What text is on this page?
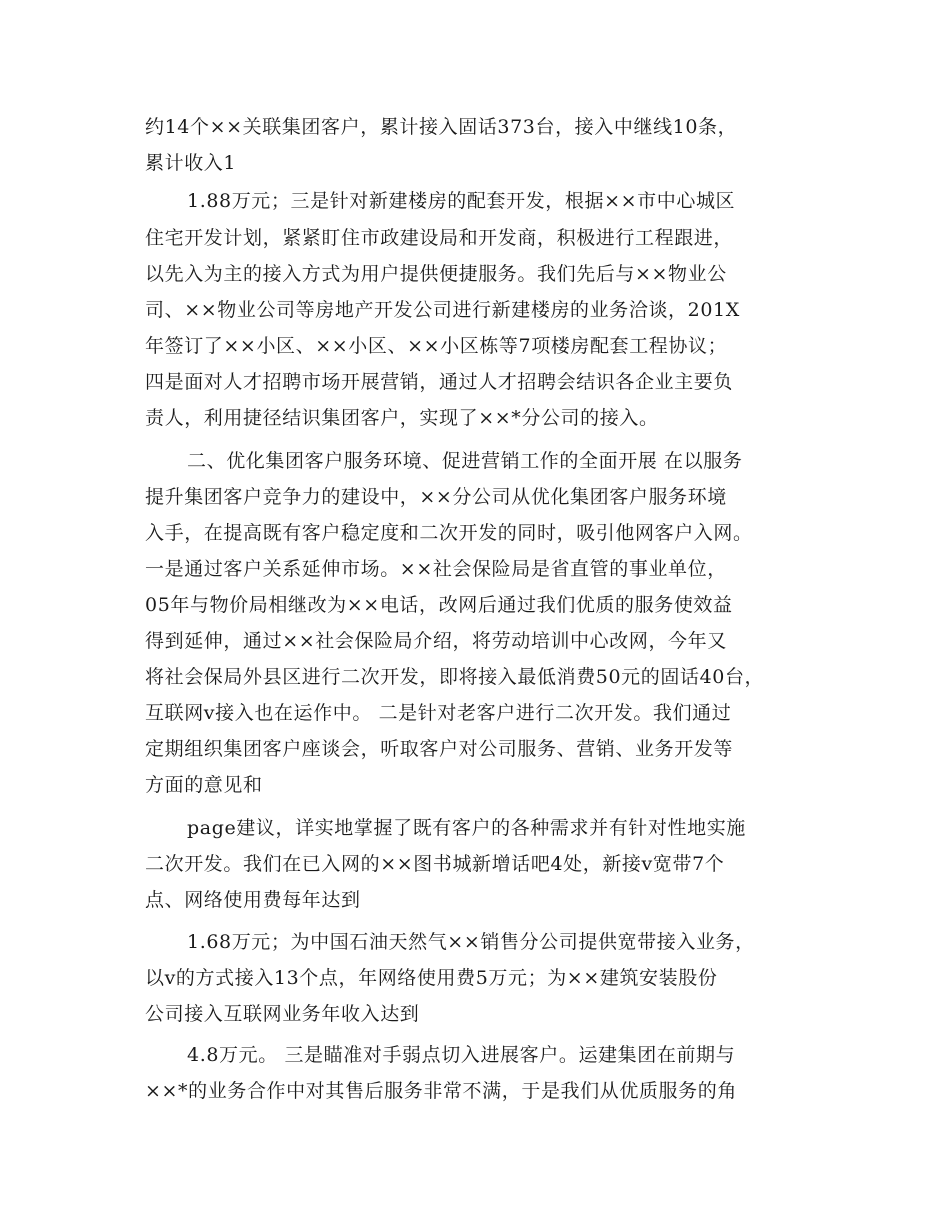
约14个××关联集团客户，累计接入固话373台，接入中继线10条，
累计收入1
1.88万元；三是针对新建楼房的配套开发，根据××市中心城区
住宅开发计划，紧紧盯住市政建设局和开发商，积极进行工程跟进，
以先入为主的接入方式为用户提供便捷服务。我们先后与××物业公
司、××物业公司等房地产开发公司进行新建楼房的业务洽谈，201X
年签订了××小区、××小区、××小区栋等7项楼房配套工程协议；
四是面对人才招聘市场开展营销，通过人才招聘会结识各企业主要负
责人，利用捷径结识集团客户，实现了××*分公司的接入。
二、优化集团客户服务环境、促进营销工作的全面开展 在以服务
提升集团客户竞争力的建设中，××分公司从优化集团客户服务环境
入手，在提高既有客户稳定度和二次开发的同时，吸引他网客户入网。
一是通过客户关系延伸市场。××社会保险局是省直管的事业单位，
05年与物价局相继改为××电话，改网后通过我们优质的服务使效益
得到延伸，通过××社会保险局介绍，将劳动培训中心改网，今年又
将社会保局外县区进行二次开发，即将接入最低消费50元的固话40台，
互联网v接入也在运作中。 二是针对老客户进行二次开发。我们通过
定期组织集团客户座谈会，听取客户对公司服务、营销、业务开发等
方面的意见和
page建议，详实地掌握了既有客户的各种需求并有针对性地实施
二次开发。我们在已入网的××图书城新增话吧4处，新接v宽带7个
点、网络使用费每年达到
1.68万元；为中国石油天然气××销售分公司提供宽带接入业务，
以v的方式接入13个点，年网络使用费5万元；为××建筑安装股份
公司接入互联网业务年收入达到
4.8万元。 三是瞄准对手弱点切入进展客户。运建集团在前期与
××*的业务合作中对其售后服务非常不满，于是我们从优质服务的角
